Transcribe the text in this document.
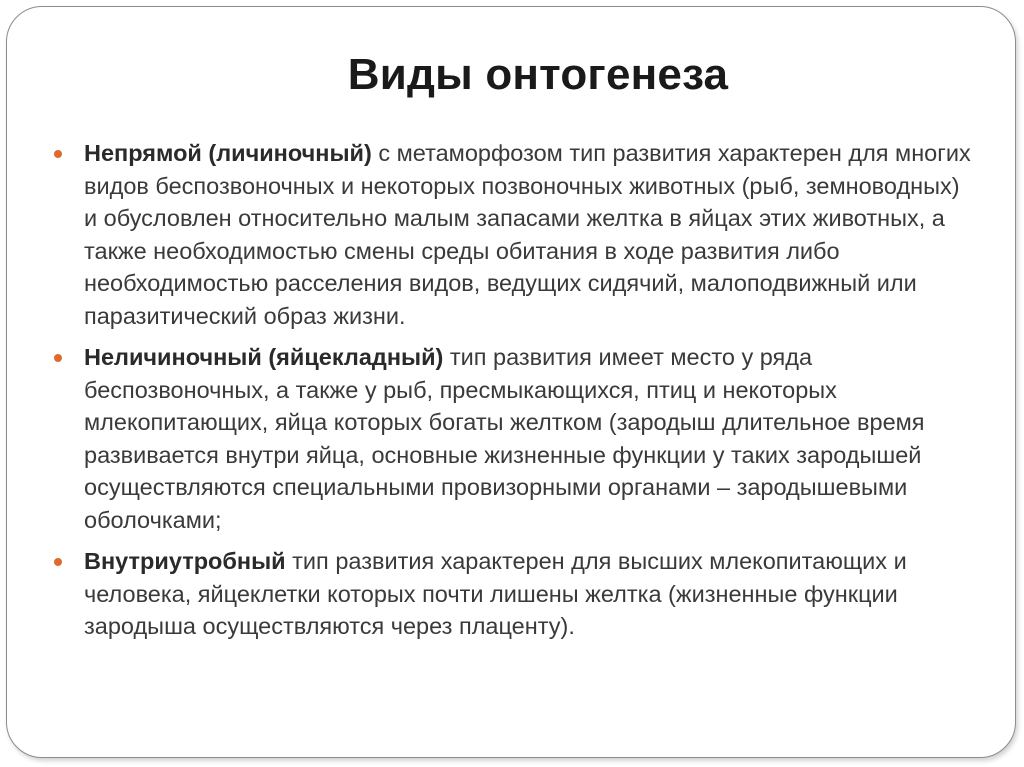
Виды онтогенеза
Непрямой (личиночный) с метаморфозом тип развития характерен для многих видов беспозвоночных и некоторых позвоночных животных (рыб, земноводных) и обусловлен относительно малым запасами желтка в яйцах этих животных, а также необходимостью смены среды обитания в ходе развития либо необходимостью расселения видов, ведущих сидячий, малоподвижный или паразитический образ жизни.
Неличиночный (яйцекладный) тип развития имеет место у ряда беспозвоночных, а также у рыб, пресмыкающихся, птиц и некоторых млекопитающих, яйца которых богаты желтком (зародыш длительное время развивается внутри яйца, основные жизненные функции у таких зародышей осуществляются специальными провизорными органами – зародышевыми оболочками;
Внутриутробный тип развития характерен для высших млекопитающих и человека, яйцеклетки которых почти лишены желтка (жизненные функции зародыша осуществляются через плаценту).
